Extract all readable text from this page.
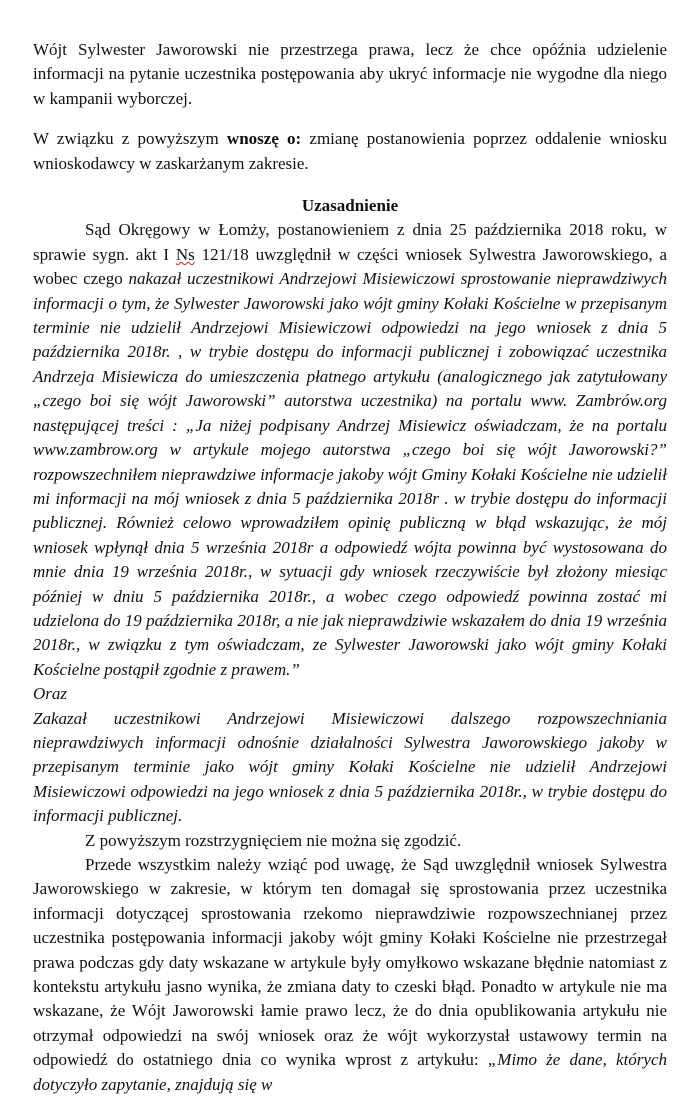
Wójt Sylwester Jaworowski nie przestrzega prawa, lecz że chce opóźnia udzielenie informacji na pytanie uczestnika postępowania aby ukryć informacje nie wygodne dla niego w kampanii wyborczej.

W związku z powyższym wnoszę o: zmianę postanowienia poprzez oddalenie wniosku wnioskodawcy w zaskarżanym zakresie.

Uzasadnienie

Sąd Okręgowy w Łomży, postanowieniem z dnia 25 października 2018 roku, w sprawie sygn. akt I Ns 121/18 uwzględnił w części wniosek Sylwestra Jaworowskiego, a wobec czego nakazał uczestnikowi Andrzejowi Misiewiczowi sprostowanie nieprawdziwych informacji o tym, że Sylwester Jaworowski jako wójt gminy Kołaki Kościelne w przepisanym terminie nie udzielił Andrzejowi Misiewiczowi odpowiedzi na jego wniosek z dnia 5 października 2018r. , w trybie dostępu do informacji publicznej i zobowiązać uczestnika Andrzeja Misiewicza do umieszczenia płatnego artykułu (analogicznego jak zatytułowany „czego boi się wójt Jaworowski” autorstwa uczestnika) na portalu www. Zambrów.org następującej treści : „Ja niżej podpisany Andrzej Misiewicz oświadczam, że na portalu www.zambrow.org w artykule mojego autorstwa „czego boi się wójt Jaworowski?” rozpowszechniłem nieprawdziwe informacje jakoby wójt Gminy Kołaki Kościelne nie udzielił mi informacji na mój wniosek z dnia 5 października 2018r . w trybie dostępu do informacji publicznej. Również celowo wprowadziłem opinię publiczną w błąd wskazując, że mój wniosek wpłynął dnia 5 września 2018r a odpowiedź wójta powinna być wystosowana do mnie dnia 19 września 2018r., w sytuacji gdy wniosek rzeczywiście był złożony miesiąc później w dniu 5 października 2018r., a wobec czego odpowiedź powinna zostać mi udzielona do 19 października 2018r, a nie jak nieprawdziwie wskazałem do dnia 19 września 2018r., w związku z tym oświadczam, ze Sylwester Jaworowski jako wójt gminy Kołaki Kościelne postąpił zgodnie z prawem.”

Oraz

Zakazał uczestnikowi Andrzejowi Misiewiczowi dalszego rozpowszechniania nieprawdziwych informacji odnośnie działalności Sylwestra Jaworowskiego jakoby w przepisanym terminie jako wójt gminy Kołaki Kościelne nie udzielił Andrzejowi Misiewiczowi odpowiedzi na jego wniosek z dnia 5 października 2018r., w trybie dostępu do informacji publicznej.

Z powyższym rozstrzygnięciem nie można się zgodzić.

Przede wszystkim należy wziąć pod uwagę, że Sąd uwzględnił wniosek Sylwestra Jaworowskiego w zakresie, w którym ten domagał się sprostowania przez uczestnika informacji dotyczącej sprostowania rzekomo nieprawdziwie rozpowszechnianej przez uczestnika postępowania informacji jakoby wójt gminy Kołaki Kościelne nie przestrzegał prawa podczas gdy daty wskazane w artykule były omyłkowo wskazane błędnie natomiast z kontekstu artykułu jasno wynika, że zmiana daty to czeski błąd. Ponadto w artykule nie ma wskazane, że Wójt Jaworowski łamie prawo lecz, że do dnia opublikowania artykułu nie otrzymał odpowiedzi na swój wniosek oraz że wójt wykorzystał ustawowy termin na odpowiedź do ostatniego dnia co wynika wprost z artykułu: „Mimo że dane, których dotyczyło zapytanie, znajdują się w
